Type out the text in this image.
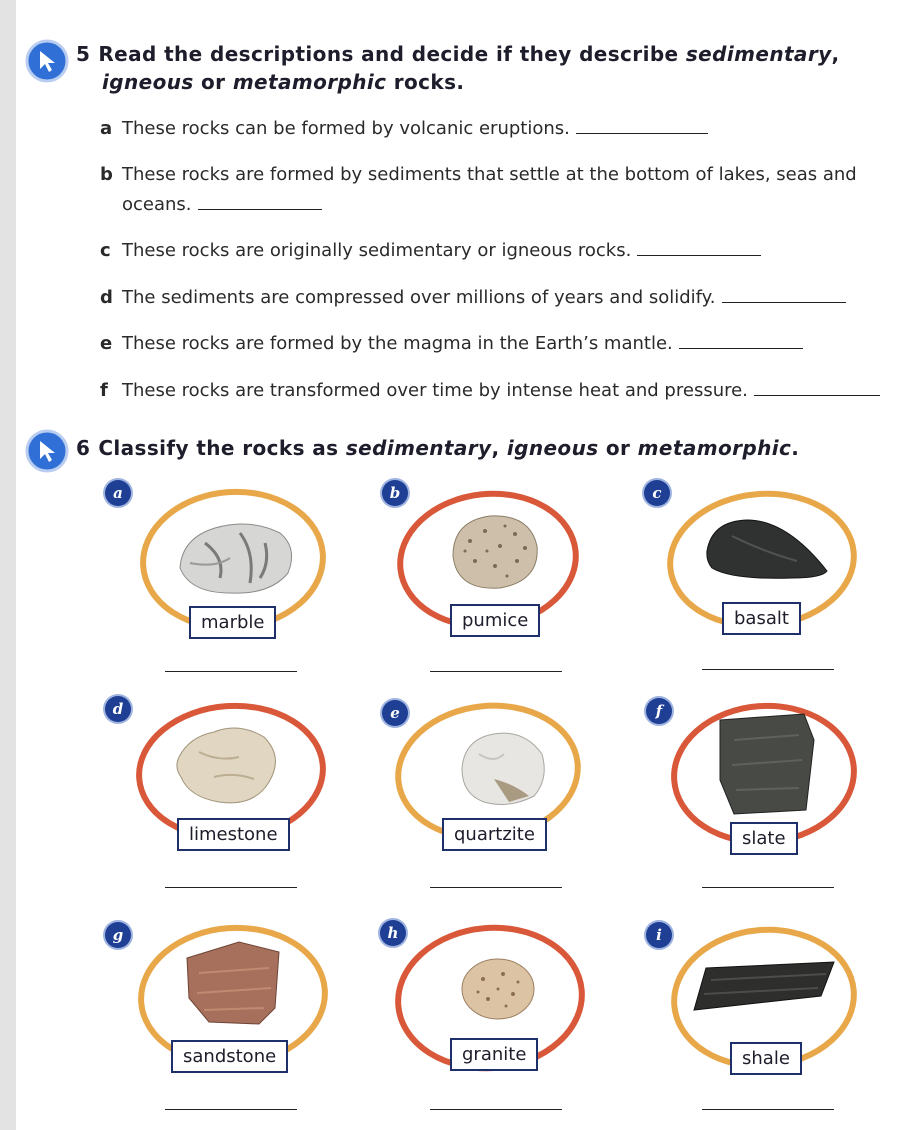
5 Read the descriptions and decide if they describe sedimentary,
igneous or metamorphic rocks.
a These rocks can be formed by volcanic eruptions.
b These rocks are formed by sediments that settle at the bottom of lakes, seas and
oceans.
c These rocks are originally sedimentary or igneous rocks.
d The sediments are compressed over millions of years and solidify.
e These rocks are formed by the magma in the Earth’s mantle.
f These rocks are transformed over time by intense heat and pressure.
6 Classify the rocks as sedimentary, igneous or metamorphic.
a
marble
b
pumice
c
basalt
d
limestone
e
quartzite
f
slate
g
sandstone
h
granite
i
shale
